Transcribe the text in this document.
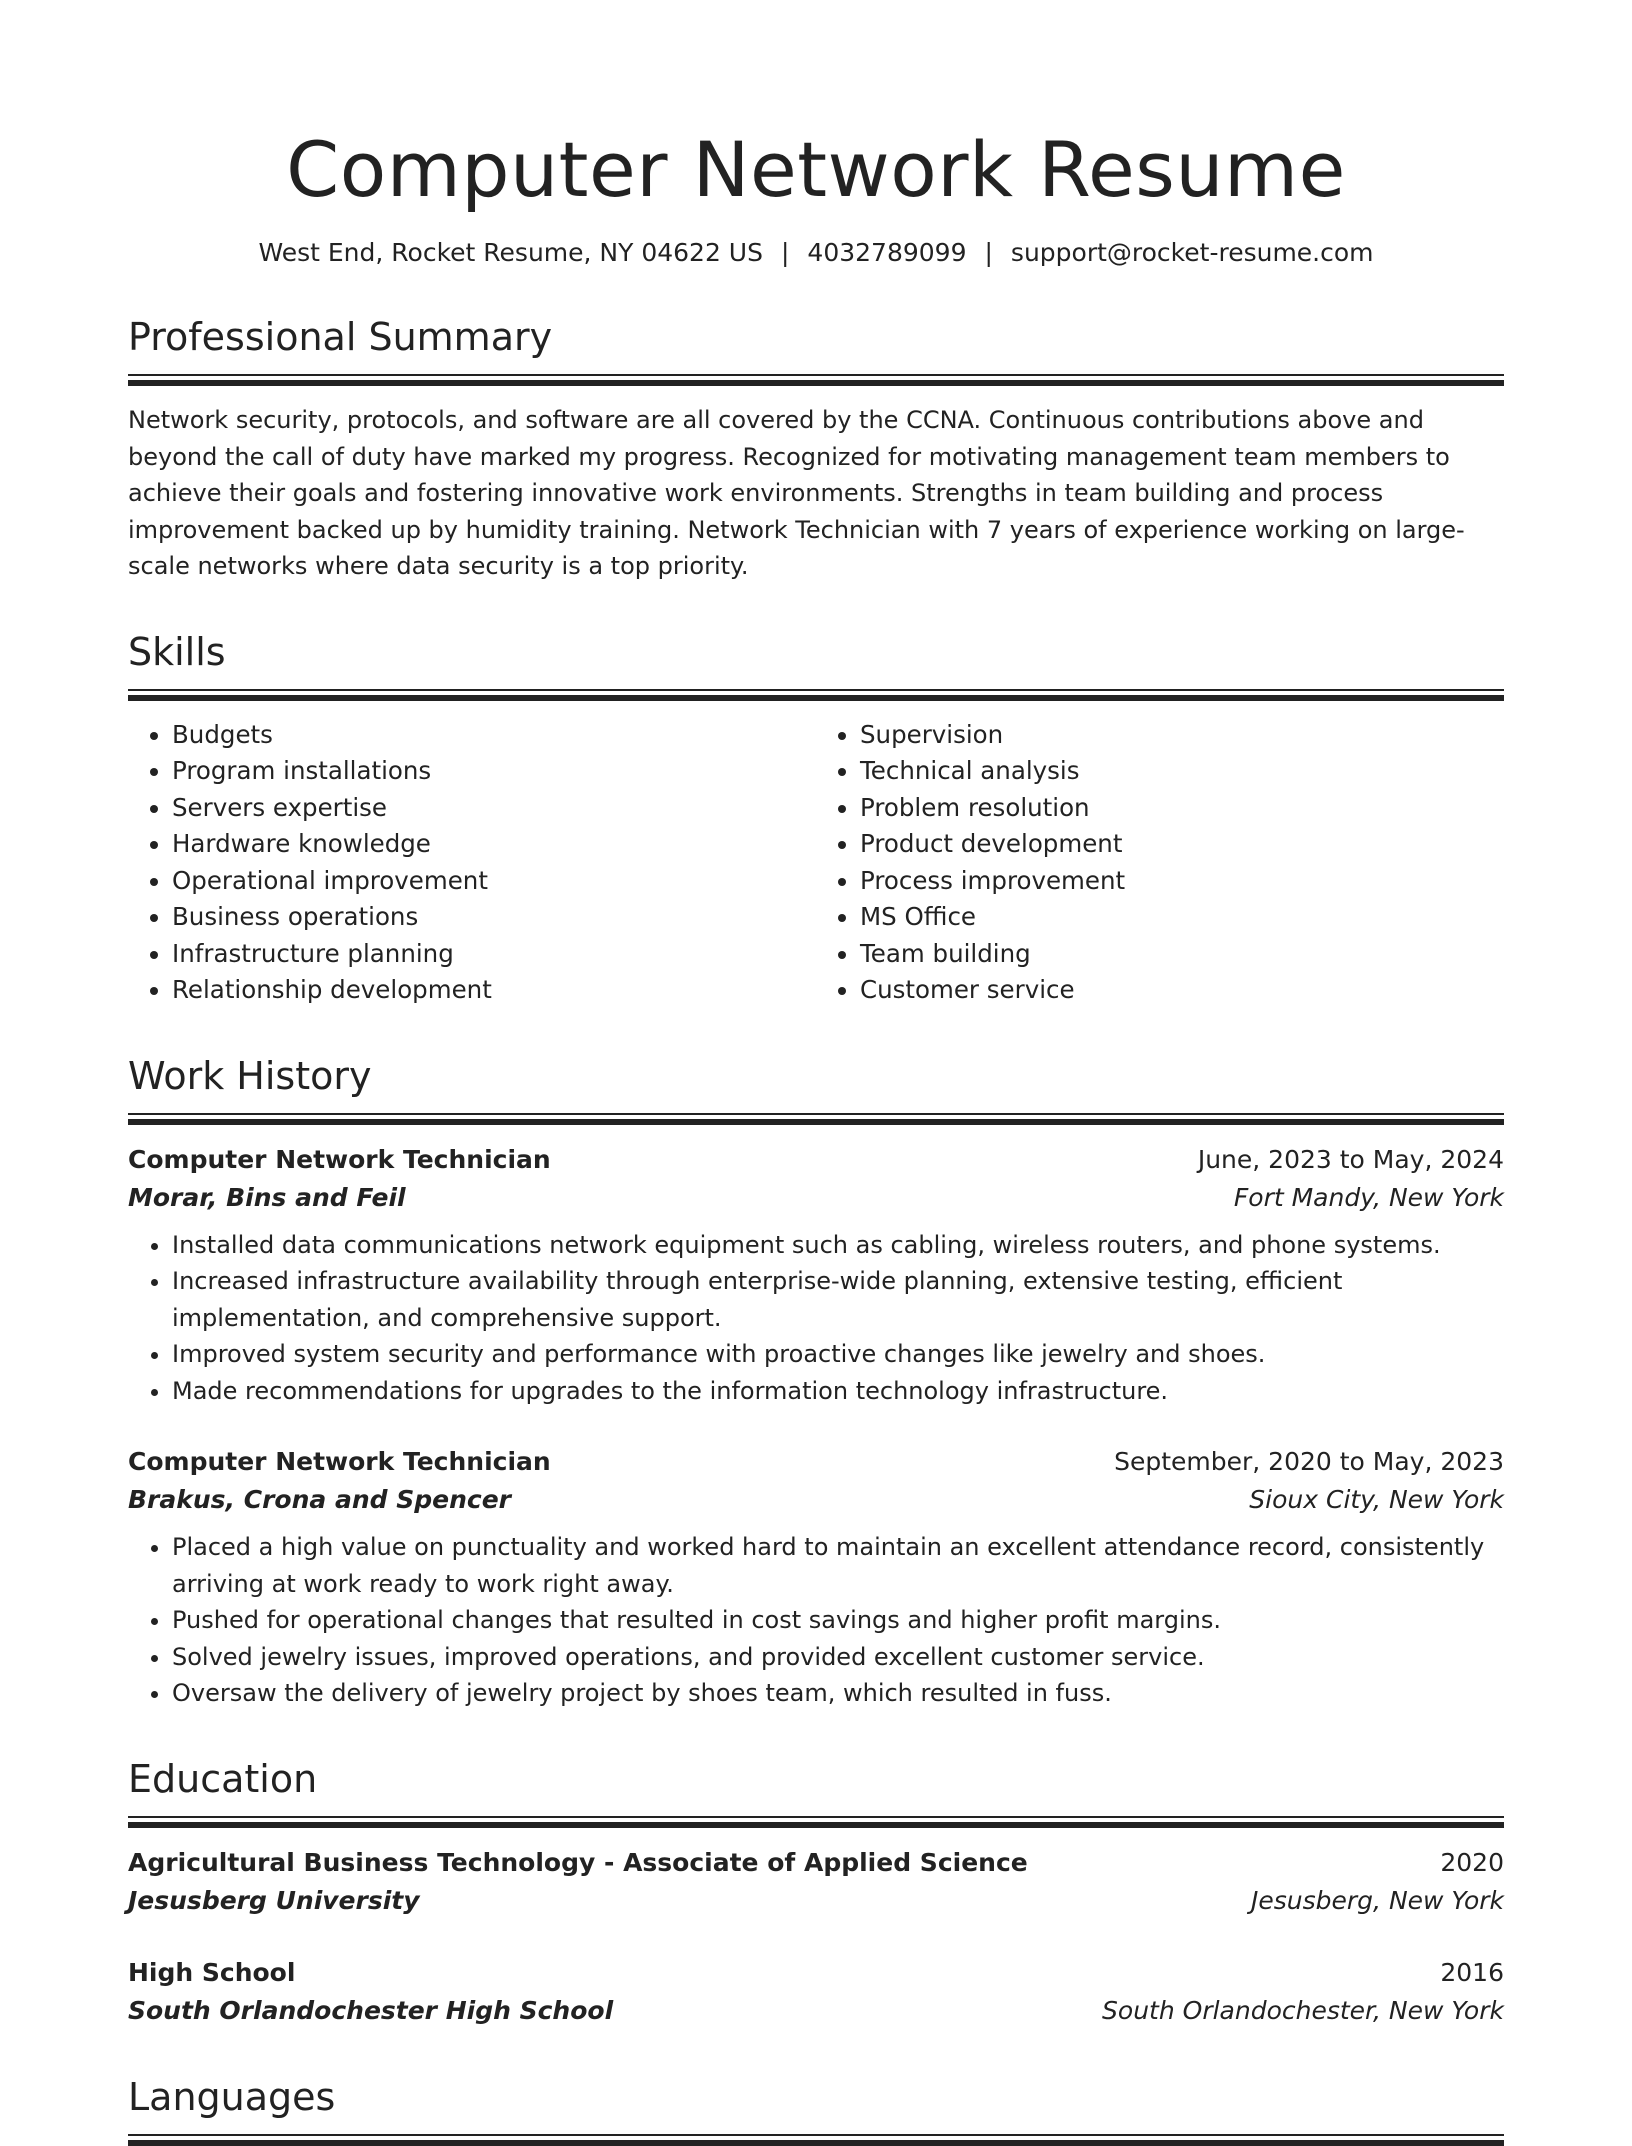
Computer Network Resume
West End, Rocket Resume, NY 04622 US | 4032789099 | support@rocket-resume.com
Professional Summary
Network security, protocols, and software are all covered by the CCNA. Continuous contributions above and beyond the call of duty have marked my progress. Recognized for motivating management team members to achieve their goals and fostering innovative work environments. Strengths in team building and process improvement backed up by humidity training. Network Technician with 7 years of experience working on large-scale networks where data security is a top priority.
Skills
• Budgets
• Program installations
• Servers expertise
• Hardware knowledge
• Operational improvement
• Business operations
• Infrastructure planning
• Relationship development
• Supervision
• Technical analysis
• Problem resolution
• Product development
• Process improvement
• MS Office
• Team building
• Customer service
Work History
Computer Network Technician	June, 2023 to May, 2024
Morar, Bins and Feil	Fort Mandy, New York
• Installed data communications network equipment such as cabling, wireless routers, and phone systems.
• Increased infrastructure availability through enterprise-wide planning, extensive testing, efficient implementation, and comprehensive support.
• Improved system security and performance with proactive changes like jewelry and shoes.
• Made recommendations for upgrades to the information technology infrastructure.
Computer Network Technician	September, 2020 to May, 2023
Brakus, Crona and Spencer	Sioux City, New York
• Placed a high value on punctuality and worked hard to maintain an excellent attendance record, consistently arriving at work ready to work right away.
• Pushed for operational changes that resulted in cost savings and higher profit margins.
• Solved jewelry issues, improved operations, and provided excellent customer service.
• Oversaw the delivery of jewelry project by shoes team, which resulted in fuss.
Education
Agricultural Business Technology - Associate of Applied Science	2020
Jesusberg University	Jesusberg, New York
High School	2016
South Orlandochester High School	South Orlandochester, New York
Languages
